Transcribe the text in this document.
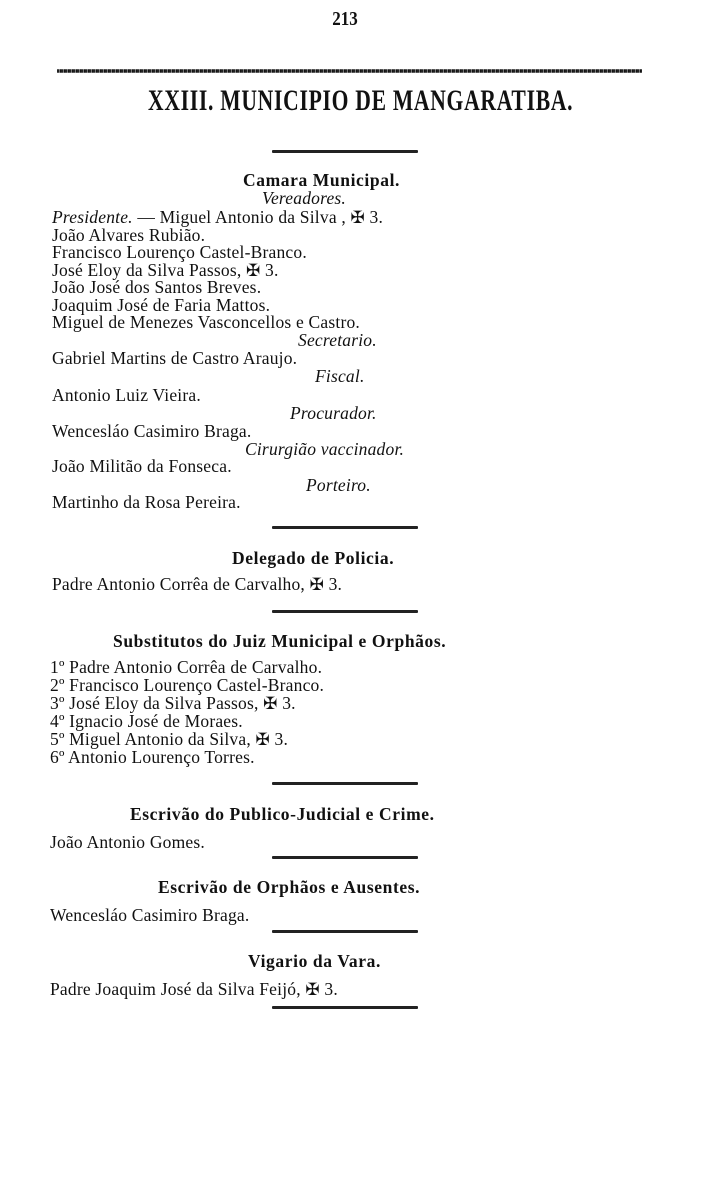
213
XXIII. MUNICIPIO DE MANGARATIBA.
Camara Municipal.
Vereadores.
Presidente. — Miguel Antonio da Silva , ✠ 3.
João Alvares Rubião.
Francisco Lourenço Castel-Branco.
José Eloy da Silva Passos, ✠ 3.
João José dos Santos Breves.
Joaquim José de Faria Mattos.
Miguel de Menezes Vasconcellos e Castro.
Secretario.
Gabriel Martins de Castro Araujo.
Fiscal.
Antonio Luiz Vieira.
Procurador.
Wencesláo Casimiro Braga.
Cirurgião vaccinador.
João Militão da Fonseca.
Porteiro.
Martinho da Rosa Pereira.
Delegado de Policia.
Padre Antonio Corrêa de Carvalho, ✠ 3.
Substitutos do Juiz Municipal e Orphãos.
1º Padre Antonio Corrêa de Carvalho.
2º Francisco Lourenço Castel-Branco.
3º José Eloy da Silva Passos, ✠ 3.
4º Ignacio José de Moraes.
5º Miguel Antonio da Silva, ✠ 3.
6º Antonio Lourenço Torres.
Escrivão do Publico-Judicial e Crime.
João Antonio Gomes.
Escrivão de Orphãos e Ausentes.
Wencesláo Casimiro Braga.
Vigario da Vara.
Padre Joaquim José da Silva Feijó, ✠ 3.
